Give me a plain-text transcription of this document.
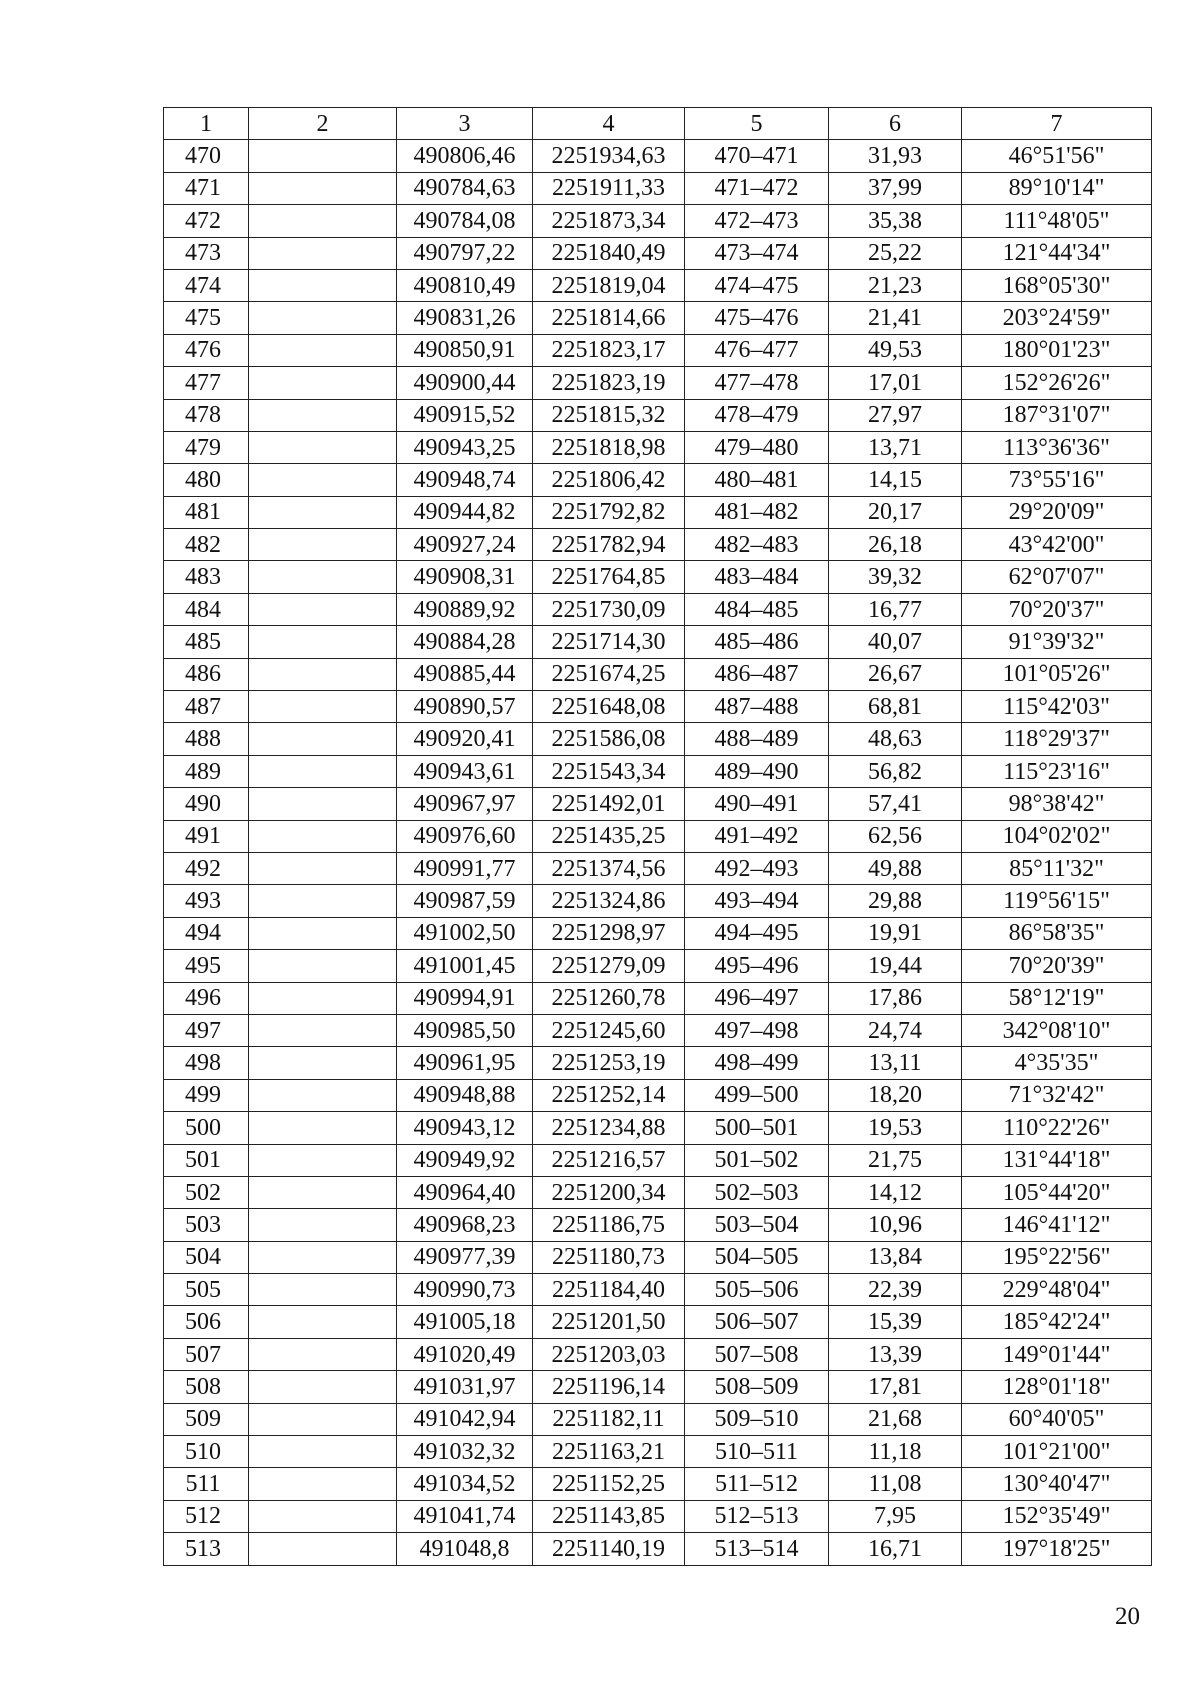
1	2	3	4	5	6	7
470		490806,46	2251934,63	470–471	31,93	46°51'56"
471		490784,63	2251911,33	471–472	37,99	89°10'14"
472		490784,08	2251873,34	472–473	35,38	111°48'05"
473		490797,22	2251840,49	473–474	25,22	121°44'34"
474		490810,49	2251819,04	474–475	21,23	168°05'30"
475		490831,26	2251814,66	475–476	21,41	203°24'59"
476		490850,91	2251823,17	476–477	49,53	180°01'23"
477		490900,44	2251823,19	477–478	17,01	152°26'26"
478		490915,52	2251815,32	478–479	27,97	187°31'07"
479		490943,25	2251818,98	479–480	13,71	113°36'36"
480		490948,74	2251806,42	480–481	14,15	73°55'16"
481		490944,82	2251792,82	481–482	20,17	29°20'09"
482		490927,24	2251782,94	482–483	26,18	43°42'00"
483		490908,31	2251764,85	483–484	39,32	62°07'07"
484		490889,92	2251730,09	484–485	16,77	70°20'37"
485		490884,28	2251714,30	485–486	40,07	91°39'32"
486		490885,44	2251674,25	486–487	26,67	101°05'26"
487		490890,57	2251648,08	487–488	68,81	115°42'03"
488		490920,41	2251586,08	488–489	48,63	118°29'37"
489		490943,61	2251543,34	489–490	56,82	115°23'16"
490		490967,97	2251492,01	490–491	57,41	98°38'42"
491		490976,60	2251435,25	491–492	62,56	104°02'02"
492		490991,77	2251374,56	492–493	49,88	85°11'32"
493		490987,59	2251324,86	493–494	29,88	119°56'15"
494		491002,50	2251298,97	494–495	19,91	86°58'35"
495		491001,45	2251279,09	495–496	19,44	70°20'39"
496		490994,91	2251260,78	496–497	17,86	58°12'19"
497		490985,50	2251245,60	497–498	24,74	342°08'10"
498		490961,95	2251253,19	498–499	13,11	4°35'35"
499		490948,88	2251252,14	499–500	18,20	71°32'42"
500		490943,12	2251234,88	500–501	19,53	110°22'26"
501		490949,92	2251216,57	501–502	21,75	131°44'18"
502		490964,40	2251200,34	502–503	14,12	105°44'20"
503		490968,23	2251186,75	503–504	10,96	146°41'12"
504		490977,39	2251180,73	504–505	13,84	195°22'56"
505		490990,73	2251184,40	505–506	22,39	229°48'04"
506		491005,18	2251201,50	506–507	15,39	185°42'24"
507		491020,49	2251203,03	507–508	13,39	149°01'44"
508		491031,97	2251196,14	508–509	17,81	128°01'18"
509		491042,94	2251182,11	509–510	21,68	60°40'05"
510		491032,32	2251163,21	510–511	11,18	101°21'00"
511		491034,52	2251152,25	511–512	11,08	130°40'47"
512		491041,74	2251143,85	512–513	7,95	152°35'49"
513		491048,8	2251140,19	513–514	16,71	197°18'25"
20
